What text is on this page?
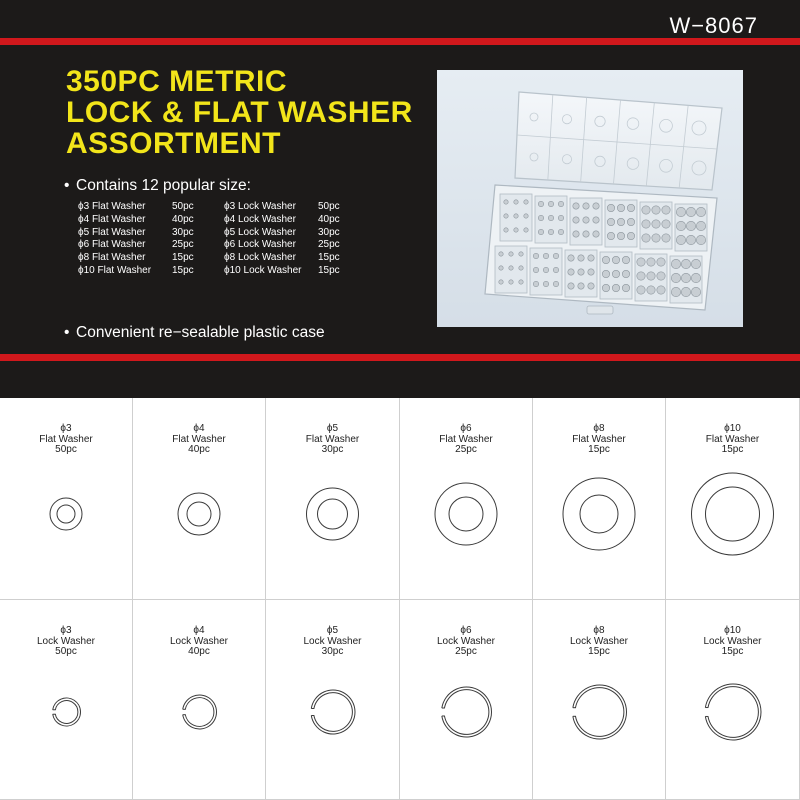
W−8067
350PC METRIC
LOCK & FLAT WASHER
ASSORTMENT
• Contains 12 popular size:
ϕ3 Flat Washer	50pc
ϕ4 Flat Washer	40pc
ϕ5 Flat Washer	30pc
ϕ6 Flat Washer	25pc
ϕ8 Flat Washer	15pc
ϕ10 Flat Washer	15pc
ϕ3 Lock Washer	50pc
ϕ4 Lock Washer	40pc
ϕ5 Lock Washer	30pc
ϕ6 Lock Washer	25pc
ϕ8 Lock Washer	15pc
ϕ10 Lock Washer	15pc
• Convenient re−sealable plastic case
ϕ3
Flat Washer
50pc
ϕ4
Flat Washer
40pc
ϕ5
Flat Washer
30pc
ϕ6
Flat Washer
25pc
ϕ8
Flat Washer
15pc
ϕ10
Flat Washer
15pc
ϕ3
Lock Washer
50pc
ϕ4
Lock Washer
40pc
ϕ5
Lock Washer
30pc
ϕ6
Lock Washer
25pc
ϕ8
Lock Washer
15pc
ϕ10
Lock Washer
15pc
